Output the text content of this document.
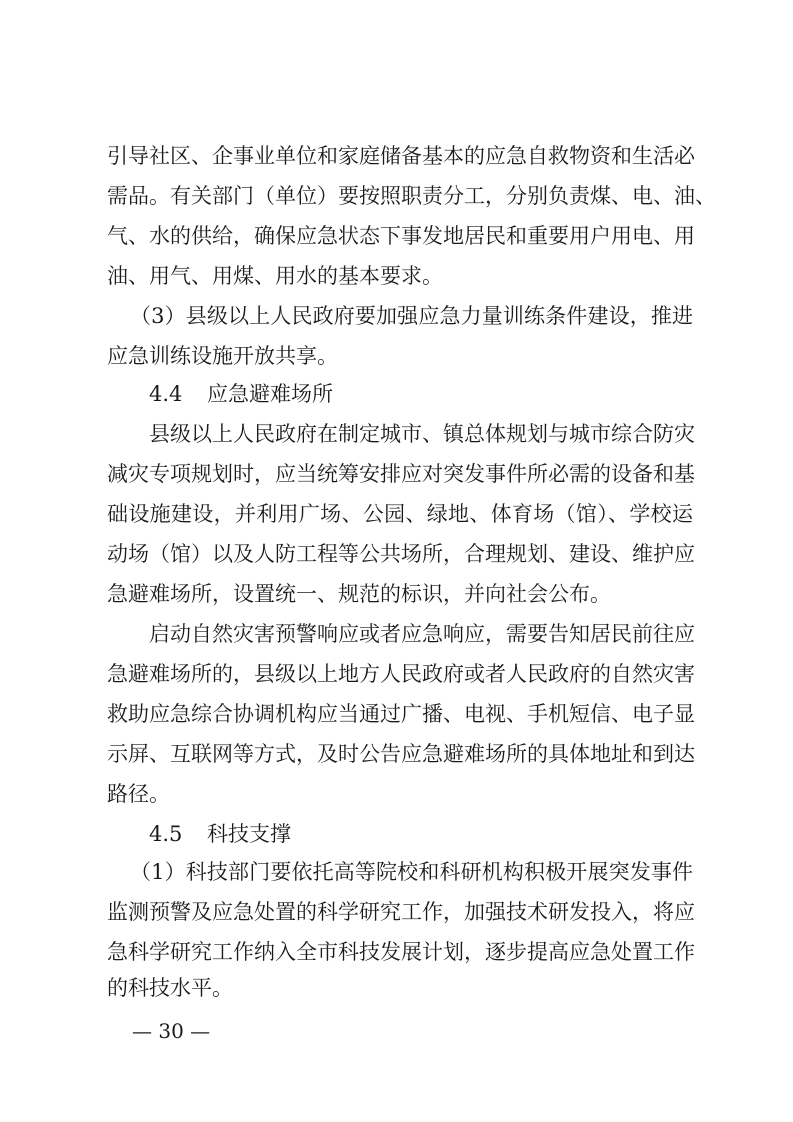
引导社区、企事业单位和家庭储备基本的应急自救物资和生活必
需品。有关部门（单位）要按照职责分工，分别负责煤、电、油、
气、水的供给，确保应急状态下事发地居民和重要用户用电、用
油、用气、用煤、用水的基本要求。
（3）县级以上人民政府要加强应急力量训练条件建设，推进
应急训练设施开放共享。
4.4 应急避难场所
县级以上人民政府在制定城市、镇总体规划与城市综合防灾
减灾专项规划时，应当统筹安排应对突发事件所必需的设备和基
础设施建设，并利用广场、公园、绿地、体育场（馆）、学校运
动场（馆）以及人防工程等公共场所，合理规划、建设、维护应
急避难场所，设置统一、规范的标识，并向社会公布。
启动自然灾害预警响应或者应急响应，需要告知居民前往应
急避难场所的，县级以上地方人民政府或者人民政府的自然灾害
救助应急综合协调机构应当通过广播、电视、手机短信、电子显
示屏、互联网等方式，及时公告应急避难场所的具体地址和到达
路径。
4.5 科技支撑
（1）科技部门要依托高等院校和科研机构积极开展突发事件
监测预警及应急处置的科学研究工作，加强技术研发投入，将应
急科学研究工作纳入全市科技发展计划，逐步提高应急处置工作
的科技水平。
— 30 —
